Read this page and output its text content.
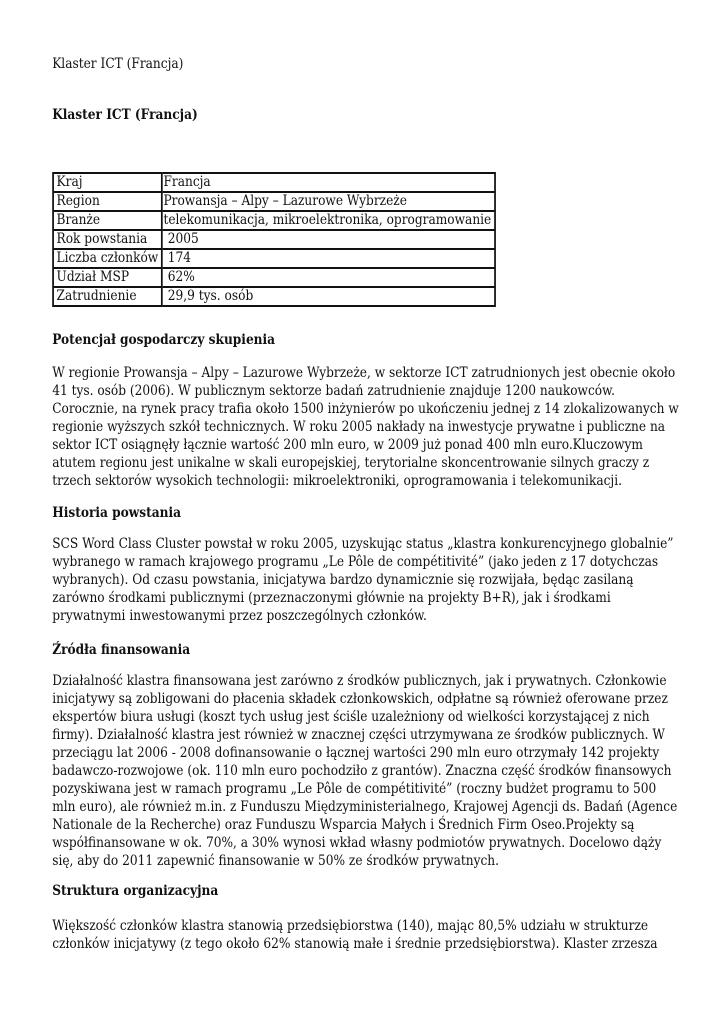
Klaster ICT (Francja)
Klaster ICT (Francja)
Kraj	Francja
Region	Prowansja – Alpy – Lazurowe Wybrzeże
Branże	telekomunikacja, mikroelektronika, oprogramowanie
Rok powstania	2005
Liczba członków	174
Udział MSP	62%
Zatrudnienie	29,9 tys. osób
Potencjał gospodarczy skupienia
W regionie Prowansja – Alpy – Lazurowe Wybrzeże, w sektorze ICT zatrudnionych jest obecnie około
41 tys. osób (2006). W publicznym sektorze badań zatrudnienie znajduje 1200 naukowców.
Corocznie, na rynek pracy trafia około 1500 inżynierów po ukończeniu jednej z 14 zlokalizowanych w
regionie wyższych szkół technicznych. W roku 2005 nakłady na inwestycje prywatne i publiczne na
sektor ICT osiągnęły łącznie wartość 200 mln euro, w 2009 już ponad 400 mln euro.Kluczowym
atutem regionu jest unikalne w skali europejskiej, terytorialne skoncentrowanie silnych graczy z
trzech sektorów wysokich technologii: mikroelektroniki, oprogramowania i telekomunikacji.
Historia powstania
SCS Word Class Cluster powstał w roku 2005, uzyskując status „klastra konkurencyjnego globalnie”
wybranego w ramach krajowego programu „Le Pôle de compétitivité” (jako jeden z 17 dotychczas
wybranych). Od czasu powstania, inicjatywa bardzo dynamicznie się rozwijała, będąc zasilaną
zarówno środkami publicznymi (przeznaczonymi głównie na projekty B+R), jak i środkami
prywatnymi inwestowanymi przez poszczególnych członków.
Źródła finansowania
Działalność klastra finansowana jest zarówno z środków publicznych, jak i prywatnych. Członkowie
inicjatywy są zobligowani do płacenia składek członkowskich, odpłatne są również oferowane przez
ekspertów biura usługi (koszt tych usług jest ściśle uzależniony od wielkości korzystającej z nich
firmy). Działalność klastra jest również w znacznej części utrzymywana ze środków publicznych. W
przeciągu lat 2006 - 2008 dofinansowanie o łącznej wartości 290 mln euro otrzymały 142 projekty
badawczo-rozwojowe (ok. 110 mln euro pochodziło z grantów). Znaczna część środków finansowych
pozyskiwana jest w ramach programu „Le Pôle de compétitivité” (roczny budżet programu to 500
mln euro), ale również m.in. z Funduszu Międzyministerialnego, Krajowej Agencji ds. Badań (Agence
Nationale de la Recherche) oraz Funduszu Wsparcia Małych i Średnich Firm Oseo.Projekty są
współfinansowane w ok. 70%, a 30% wynosi wkład własny podmiotów prywatnych. Docelowo dąży
się, aby do 2011 zapewnić finansowanie w 50% ze środków prywatnych.
Struktura organizacyjna
Większość członków klastra stanowią przedsiębiorstwa (140), mając 80,5% udziału w strukturze
członków inicjatywy (z tego około 62% stanowią małe i średnie przedsiębiorstwa). Klaster zrzesza
